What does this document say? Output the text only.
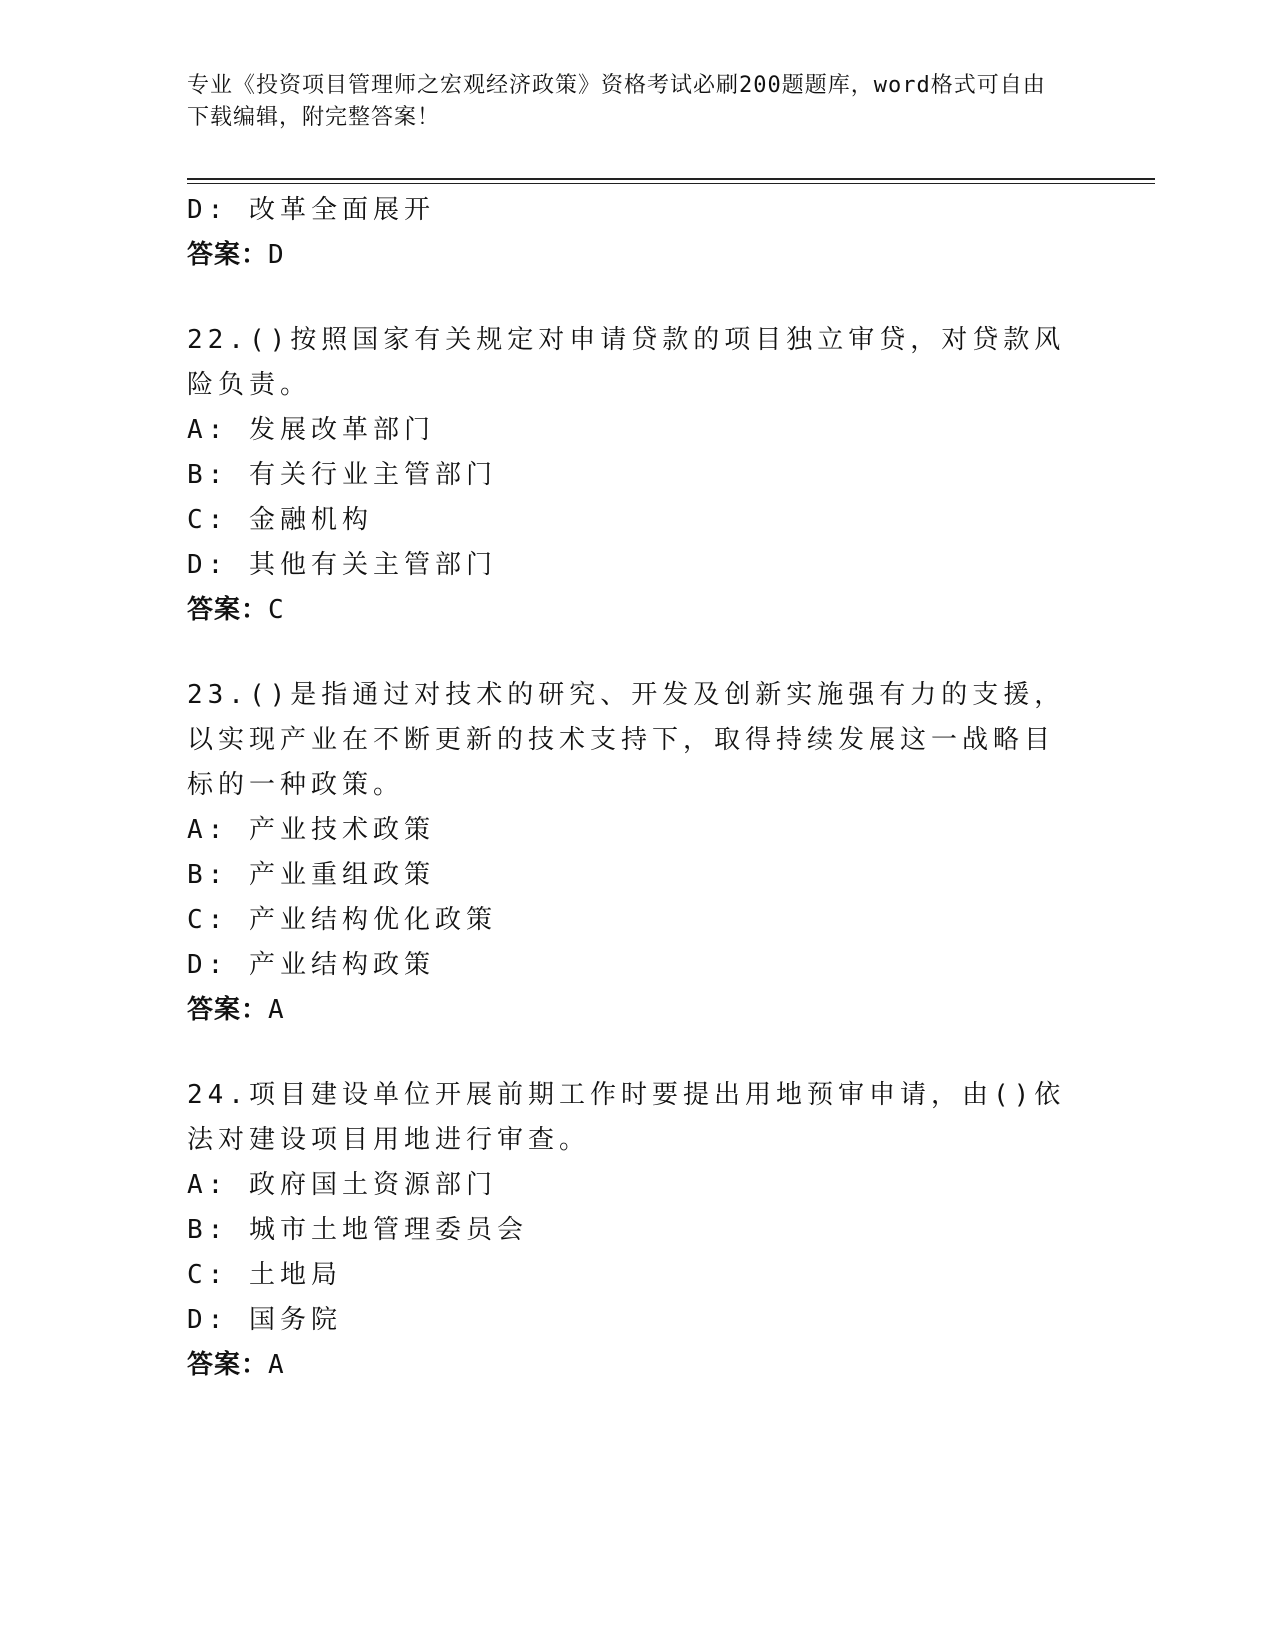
专业《投资项目管理师之宏观经济政策》资格考试必刷200题题库，word格式可自由下载编辑，附完整答案！
D: 改革全面展开
答案：D
22.()按照国家有关规定对申请贷款的项目独立审贷，对贷款风险负责。
A: 发展改革部门
B: 有关行业主管部门
C: 金融机构
D: 其他有关主管部门
答案：C
23.()是指通过对技术的研究、开发及创新实施强有力的支援，以实现产业在不断更新的技术支持下，取得持续发展这一战略目标的一种政策。
A: 产业技术政策
B: 产业重组政策
C: 产业结构优化政策
D: 产业结构政策
答案：A
24.项目建设单位开展前期工作时要提出用地预审申请，由()依法对建设项目用地进行审查。
A: 政府国土资源部门
B: 城市土地管理委员会
C: 土地局
D: 国务院
答案：A
